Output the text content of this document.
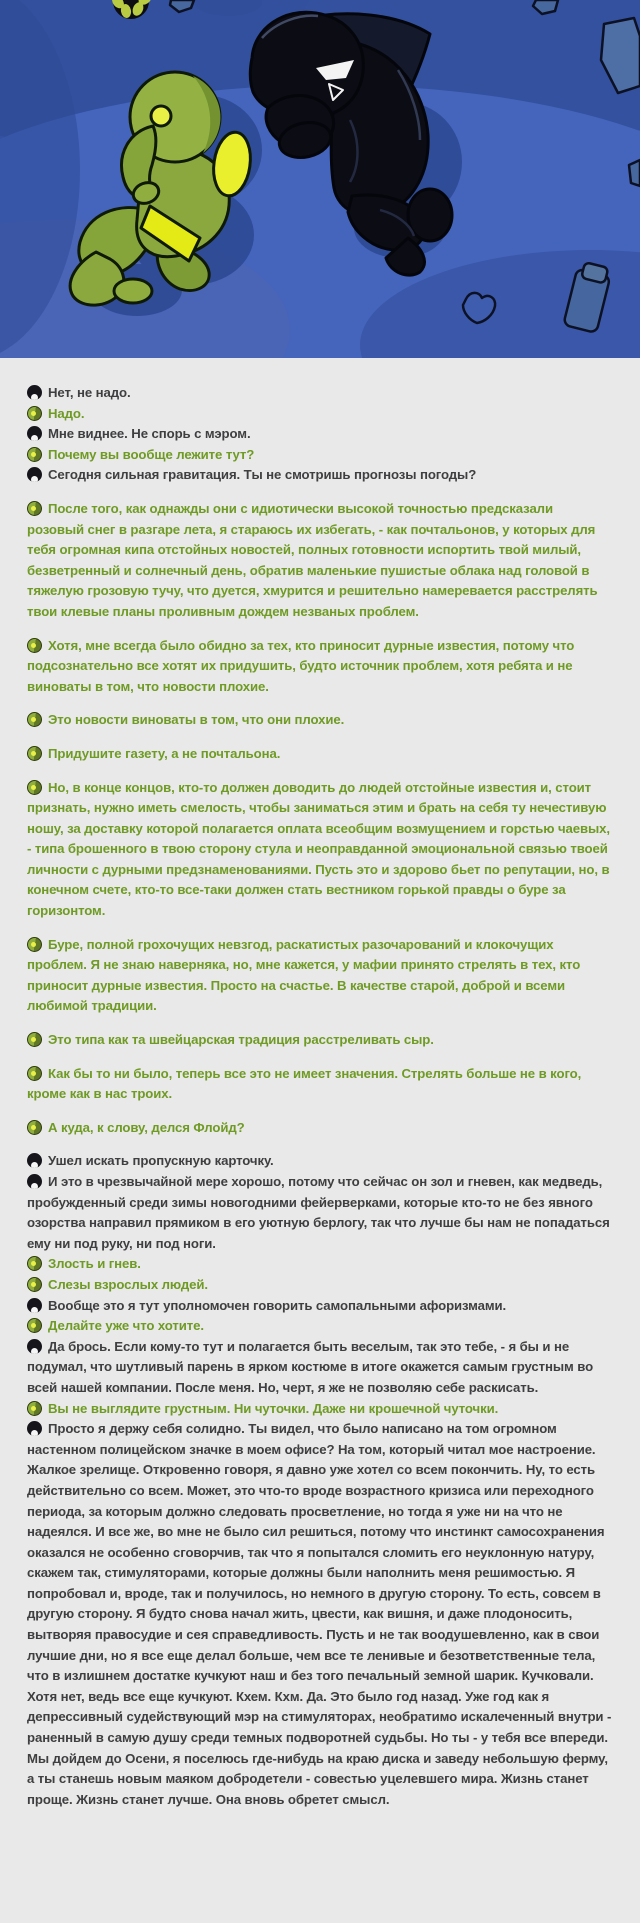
Нет, не надо.

Надо.

Мне виднее. Не спорь с мэром.

Почему вы вообще лежите тут?

Сегодня сильная гравитация. Ты не смотришь прогнозы погоды?

После того, как однажды они с идиотически высокой точностью предсказали розовый снег в разгаре лета, я стараюсь их избегать, - как почтальонов, у которых для тебя огромная кипа отстойных новостей, полных готовности испортить твой милый, безветренный и солнечный день, обратив маленькие пушистые облака над головой в тяжелую грозовую тучу, что дуется, хмурится и решительно намеревается расстрелять твои клевые планы проливным дождем незваных проблем.

Хотя, мне всегда было обидно за тех, кто приносит дурные известия, потому что подсознательно все хотят их придушить, будто источник проблем, хотя ребята и не виноваты в том, что новости плохие.

Это новости виноваты в том, что они плохие.

Придушите газету, а не почтальона.

Но, в конце концов, кто-то должен доводить до людей отстойные известия и, стоит признать, нужно иметь смелость, чтобы заниматься этим и брать на себя ту нечестивую ношу, за доставку которой полагается оплата всеобщим возмущением и горстью чаевых, - типа брошенного в твою сторону стула и неоправданной эмоциональной связью твоей личности с дурными предзнаменованиями. Пусть это и здорово бьет по репутации, но, в конечном счете, кто-то все-таки должен стать вестником горькой правды о буре за горизонтом.

Буре, полной грохочущих невзгод, раскатистых разочарований и клокочущих проблем. Я не знаю наверняка, но, мне кажется, у мафии принято стрелять в тех, кто приносит дурные известия. Просто на счастье. В качестве старой, доброй и всеми любимой традиции.

Это типа как та швейцарская традиция расстреливать сыр.

Как бы то ни было, теперь все это не имеет значения. Стрелять больше не в кого, кроме как в нас троих.

А куда, к слову, делся Флойд?

Ушел искать пропускную карточку.

И это в чрезвычайной мере хорошо, потому что сейчас он зол и гневен, как медведь, пробужденный среди зимы новогодними фейерверками, которые кто-то не без явного озорства направил прямиком в его уютную берлогу, так что лучше бы нам не попадаться ему ни под руку, ни под ноги.

Злость и гнев.

Слезы взрослых людей.

Вообще это я тут уполномочен говорить самопальными афоризмами.

Делайте уже что хотите.

Да брось. Если кому-то тут и полагается быть веселым, так это тебе, - я бы и не подумал, что шутливый парень в ярком костюме в итоге окажется самым грустным во всей нашей компании. После меня. Но, черт, я же не позволяю себе раскисать.

Вы не выглядите грустным. Ни чуточки. Даже ни крошечной чуточки.

Просто я держу себя солидно. Ты видел, что было написано на том огромном настенном полицейском значке в моем офисе? На том, который читал мое настроение. Жалкое зрелище. Откровенно говоря, я давно уже хотел со всем покончить. Ну, то есть действительно со всем. Может, это что-то вроде возрастного кризиса или переходного периода, за которым должно следовать просветление, но тогда я уже ни на что не надеялся. И все же, во мне не было сил решиться, потому что инстинкт самосохранения оказался не особенно сговорчив, так что я попытался сломить его неуклонную натуру, скажем так, стимуляторами, которые должны были наполнить меня решимостью. Я попробовал и, вроде, так и получилось, но немного в другую сторону. То есть, совсем в другую сторону. Я будто снова начал жить, цвести, как вишня, и даже плодоносить, вытворяя правосудие и сея справедливость. Пусть и не так воодушевленно, как в свои лучшие дни, но я все еще делал больше, чем все те ленивые и безответственные тела, что в излишнем достатке кучкуют наш и без того печальный земной шарик. Кучковали. Хотя нет, ведь все еще кучкуют. Кхем. Кхм. Да. Это было год назад. Уже год как я депрессивный судействующий мэр на стимуляторах, необратимо искалеченный внутри - раненный в самую душу среди темных подворотней судьбы. Но ты - у тебя все впереди. Мы дойдем до Осени, я поселюсь где-нибудь на краю диска и заведу небольшую ферму, а ты станешь новым маяком добродетели - совестью уцелевшего мира. Жизнь станет проще. Жизнь станет лучше. Она вновь обретет смысл.
